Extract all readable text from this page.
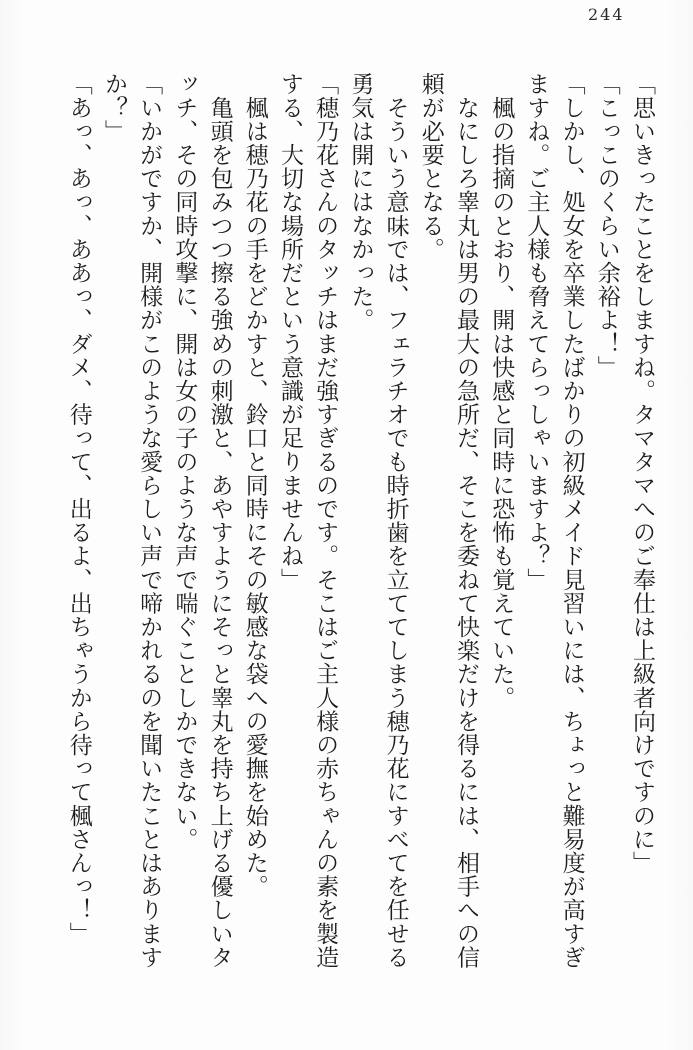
244

「思いきったことをしますね。タマタマへのご奉仕は上級者向けですのに」

「こっこのくらい余裕よ！」

「しかし、処女を卒業したばかりの初級メイド見習いには、ちょっと難易度が高すぎ

ますね。ご主人様も脅えてらっしゃいますよ？」

　楓の指摘のとおり、開は快感と同時に恐怖も覚えていた。

　なにしろ睾丸は男の最大の急所だ、そこを委ねて快楽だけを得るには、相手への信

頼が必要となる。

　そういう意味では、フェラチオでも時折歯を立ててしまう穂乃花にすべてを任せる

勇気は開にはなかった。

「穂乃花さんのタッチはまだ強すぎるのです。そこはご主人様の赤ちゃんの素を製造

する、大切な場所だという意識が足りませんね」

　楓は穂乃花の手をどかすと、鈴口と同時にその敏感な袋への愛撫を始めた。

　亀頭を包みつつ擦る強めの刺激と、あやすようにそっと睾丸を持ち上げる優しいタ

ッチ、その同時攻撃に、開は女の子のような声で喘ぐことしかできない。

「いかがですか、開様がこのような愛らしい声で啼かれるのを聞いたことはあります

か？」

「あっ、あっ、ああっ、ダメ、待って、出るよ、出ちゃうから待って楓さんっ！」
